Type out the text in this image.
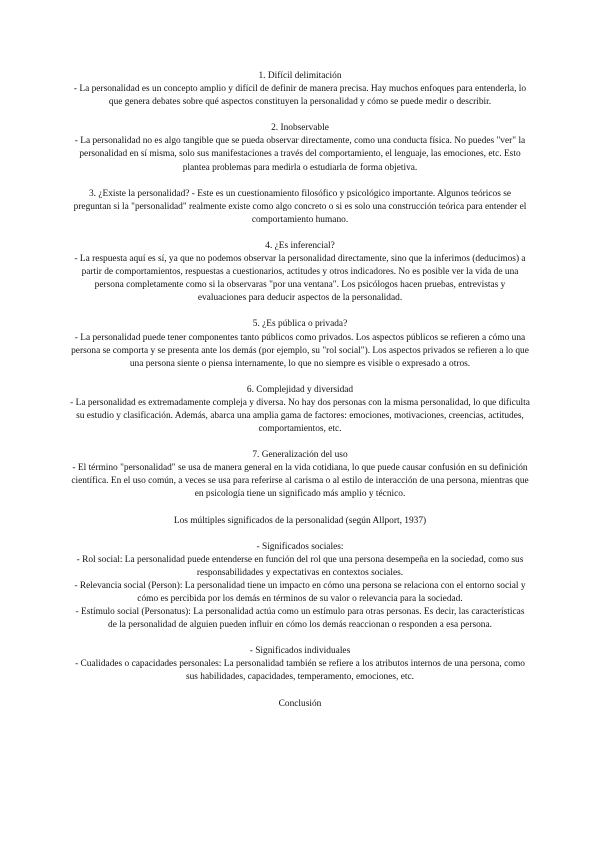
1. Difícil delimitación

- La personalidad es un concepto amplio y difícil de definir de manera precisa. Hay muchos enfoques para entenderla, lo que genera debates sobre qué aspectos constituyen la personalidad y cómo se puede medir o describir.

2. Inobservable

- La personalidad no es algo tangible que se pueda observar directamente, como una conducta física. No puedes "ver" la personalidad en sí misma, solo sus manifestaciones a través del comportamiento, el lenguaje, las emociones, etc. Esto plantea problemas para medirla o estudiarla de forma objetiva.

3. ¿Existe la personalidad? - Este es un cuestionamiento filosófico y psicológico importante. Algunos teóricos se preguntan si la "personalidad" realmente existe como algo concreto o si es solo una construcción teórica para entender el comportamiento humano.

4. ¿Es inferencial?

- La respuesta aquí es sí, ya que no podemos observar la personalidad directamente, sino que la inferimos (deducimos) a partir de comportamientos, respuestas a cuestionarios, actitudes y otros indicadores. No es posible ver la vida de una persona completamente como si la observaras "por una ventana". Los psicólogos hacen pruebas, entrevistas y evaluaciones para deducir aspectos de la personalidad.

5. ¿Es pública o privada?

- La personalidad puede tener componentes tanto públicos como privados. Los aspectos públicos se refieren a cómo una persona se comporta y se presenta ante los demás (por ejemplo, su "rol social"). Los aspectos privados se refieren a lo que una persona siente o piensa internamente, lo que no siempre es visible o expresado a otros.

6. Complejidad y diversidad

- La personalidad es extremadamente compleja y diversa. No hay dos personas con la misma personalidad, lo que dificulta su estudio y clasificación. Además, abarca una amplia gama de factores: emociones, motivaciones, creencias, actitudes, comportamientos, etc.

7. Generalización del uso

- El término "personalidad" se usa de manera general en la vida cotidiana, lo que puede causar confusión en su definición científica. En el uso común, a veces se usa para referirse al carisma o al estilo de interacción de una persona, mientras que en psicología tiene un significado más amplio y técnico.

Los múltiples significados de la personalidad (según Allport, 1937)

- Significados sociales:

- Rol social: La personalidad puede entenderse en función del rol que una persona desempeña en la sociedad, como sus responsabilidades y expectativas en contextos sociales.

- Relevancia social (Person): La personalidad tiene un impacto en cómo una persona se relaciona con el entorno social y cómo es percibida por los demás en términos de su valor o relevancia para la sociedad.

- Estímulo social (Personatus): La personalidad actúa como un estímulo para otras personas. Es decir, las características de la personalidad de alguien pueden influir en cómo los demás reaccionan o responden a esa persona.

- Significados individuales

- Cualidades o capacidades personales: La personalidad también se refiere a los atributos internos de una persona, como sus habilidades, capacidades, temperamento, emociones, etc.

Conclusión
